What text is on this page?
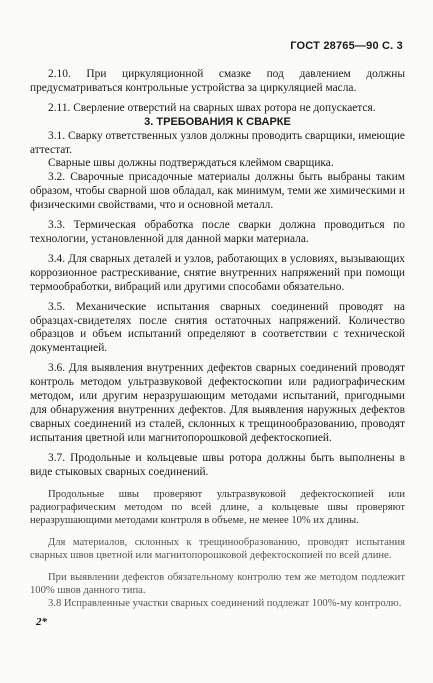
ГОСТ 28765—90 С. 3

2.10. При циркуляционной смазке под давлением должны предусматриваться контрольные устройства за циркуляцией масла.

2.11. Сверление отверстий на сварных швах ротора не допускается.

3. ТРЕБОВАНИЯ К СВАРКЕ

3.1. Сварку ответственных узлов должны проводить сварщики, имеющие аттестат.

Сварные швы должны подтверждаться клеймом сварщика.

3.2. Сварочные присадочные материалы должны быть выбраны таким образом, чтобы сварной шов обладал, как минимум, теми же химическими и физическими свойствами, что и основной металл.

3.3. Термическая обработка после сварки должна проводиться по технологии, установленной для данной марки материала.

3.4. Для сварных деталей и узлов, работающих в условиях, вызывающих коррозионное растрескивание, снятие внутренних напряжений при помощи термообработки, вибраций или другими способами обязательно.

3.5. Механические испытания сварных соединений проводят на образцах-свидетелях после снятия остаточных напряжений. Количество образцов и объем испытаний определяют в соответствии с технической документацией.

3.6. Для выявления внутренних дефектов сварных соединений проводят контроль методом ультразвуковой дефектоскопии или радиографическим методом, или другим неразрушающим методами испытаний, пригодными для обнаружения внутренних дефектов. Для выявления наружных дефектов сварных соединений из сталей, склонных к трещинообразованию, проводят испытания цветной или магнитопорошковой дефектоскопией.

3.7. Продольные и кольцевые швы ротора должны быть выполнены в виде стыковых сварных соединений.

Продольные швы проверяют ультразвуковой дефектоскопией или радиографическим методом по всей длине, а кольцевые швы проверяют неразрушающими методами контроля в объеме, не менее 10% их длины.

Для материалов, склонных к трещинообразованию, проводят испытания сварных швов цветной или магнитопорошковой дефектоскопией по всей длине.

При выявлении дефектов обязательному контролю тем же методом подлежит 100% швов данного типа.

3.8 Исправленные участки сварных соединений подлежат 100%-му контролю.

2*
